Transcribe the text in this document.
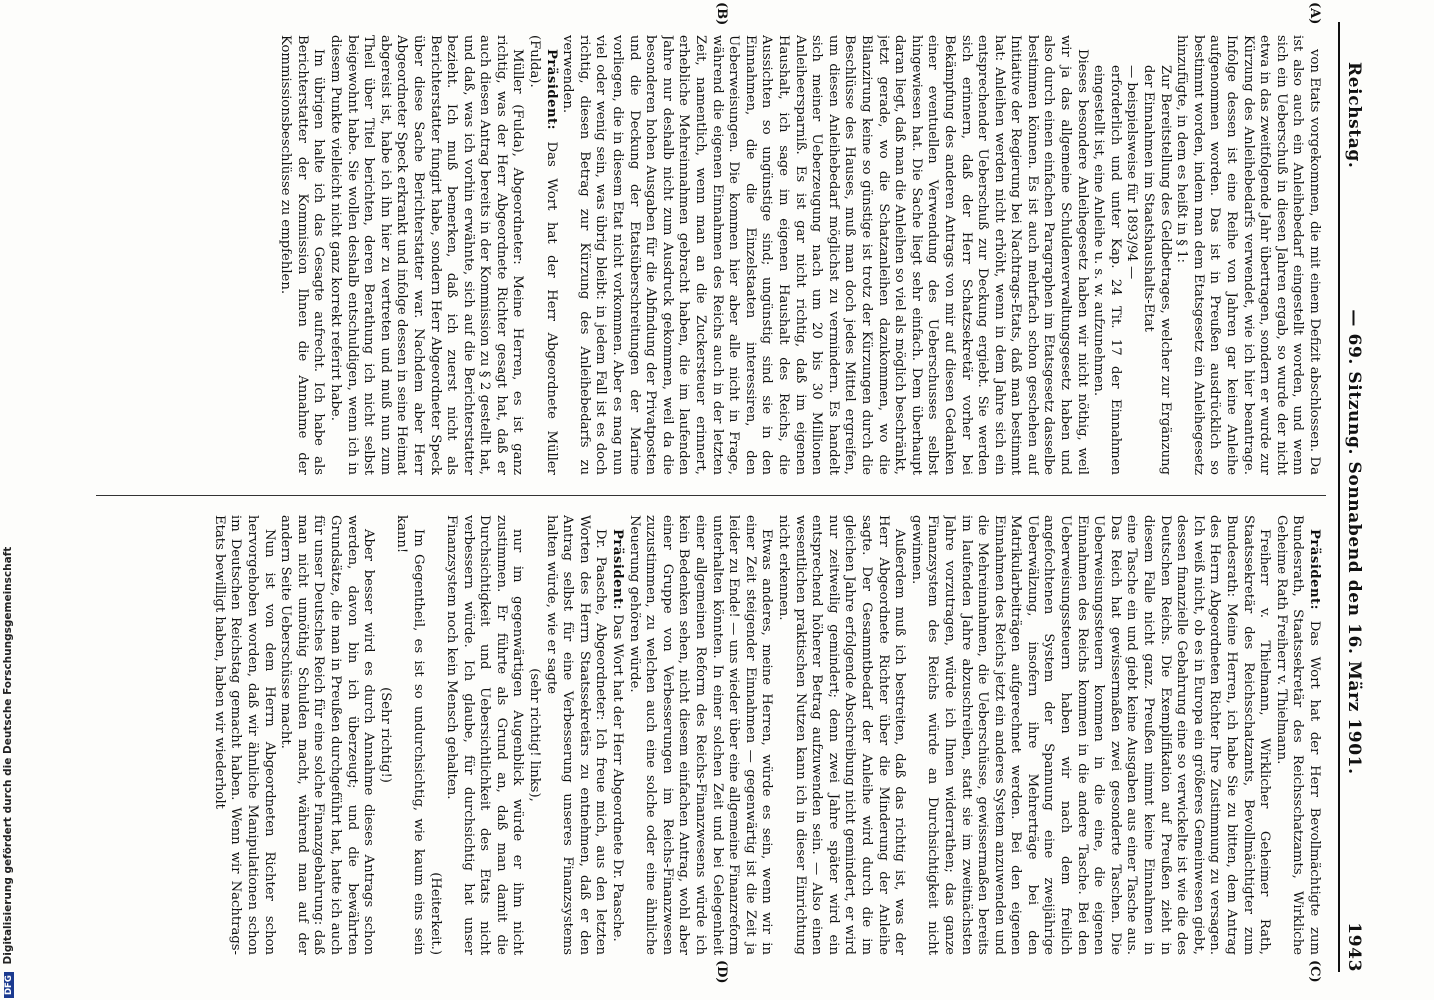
Reichstag.
— 69. Sitzung. Sonnabend den 16. März 1901.
1943
(A)
(B)
(C)
(D)

von Etats vorgekommen, die mit einem Defizit abschlossen. Da ist also auch ein Anleihebedarf eingestellt worden, und wenn sich ein Ueberschuß in diesen Jahren ergab, so wurde der nicht etwa in das zweitfolgende Jahr übertragen, sondern er wurde zur Kürzung des Anleihebedarfs verwendet, wie ich hier beantrage. Infolge dessen ist eine Reihe von Jahren gar keine Anleihe aufgenommen worden. Das ist in Preußen ausdrücklich so bestimmt worden, indem man dem Etatsgesetz ein Anleihegesetz hinzufügte, in dem es heißt in § 1:

Zur Bereitstellung des Geldbetrages, welcher zur Ergänzung der Einnahmen im Staatshaushalts-Etat

— beispielsweise für 1893/94 —

erforderlich und unter Kap. 24 Tit. 17 der Einnahmen eingestellt ist, eine Anleihe u. s. w. aufzunehmen.

Dieses besondere Anleihegesetz haben wir nicht nöthig, weil wir ja das allgemeine Schuldenverwaltungsgesetz haben und also durch einen einfachen Paragraphen im Etatsgesetz dasselbe bestimmen können. Es ist auch mehrfach schon geschehen auf Initiative der Regierung bei Nachtrags-Etats, daß man bestimmt hat: Anleihen werden nicht erhöht, wenn in dem Jahre sich ein entsprechender Ueberschuß zur Deckung ergiebt. Sie werden sich erinnern, daß der Herr Schatzsekretär vorher bei Bekämpfung des anderen Antrags von mir auf diesen Gedanken einer eventuellen Verwendung des Ueberschusses selbst hingewiesen hat. Die Sache liegt sehr einfach. Dem überhaupt daran liegt, daß man die Anleihen so viel als möglich beschränkt, jetzt gerade, wo die Schatzanleihen dazukommen, wo die Bilanzirung keine so günstige ist trotz der Kürzungen durch die Beschlüsse des Hauses, muß man doch jedes Mittel ergreifen, um diesen Anleihebedarf möglichst zu vermindern. Es handelt sich meiner Ueberzeugung nach um 20 bis 30 Millionen Anleiheersparniß. Es ist gar nicht richtig, daß im eigenen Haushalt, ich sage im eigenen Haushalt des Reichs, die Aussichten so ungünstige sind; ungünstig sind sie in den Einnahmen, die die Einzelstaaten interessiren, den Ueberweisungen. Die kommen hier aber alle nicht in Frage, während die eigenen Einnahmen des Reichs auch in der letzten Zeit, namentlich, wenn man an die Zuckersteuer erinnert, erhebliche Mehreinnahmen gebracht haben, die im laufenden Jahre nur deshalb nicht zum Ausdruck gekommen, weil da die besonderen hohen Ausgaben für die Abfindung der Privatposten und die Deckung der Etatsüberschreitungen der Marine vorliegen, die in diesem Etat nicht vorkommen. Aber es mag nun viel oder wenig sein, was übrig bleibt: in jedem Fall ist es doch richtig, diesen Betrag zur Kürzung des Anleihebedarfs zu verwenden.

Präsident: Das Wort hat der Herr Abgeordnete Müller (Fulda).

Müller (Fulda), Abgeordneter: Meine Herren, es ist ganz richtig, was der Herr Abgeordnete Richter gesagt hat, daß er auch diesen Antrag bereits in der Kommission zu § 2 gestellt hat, und daß, was ich vorhin erwähnte, sich auf die Berichterstatter bezieht. Ich muß bemerken, daß ich zuerst nicht als Berichterstatter fungirt habe, sondern Herr Abgeordneter Speck über diese Sache Berichterstatter war. Nachdem aber Herr Abgeordneter Speck erkrankt und infolge dessen in seine Heimat abgereist ist, habe ich ihn hier zu vertreten und muß nun zum Theil über Titel berichten, deren Berathung ich nicht selbst beigewohnt habe. Sie wollen deshalb entschuldigen, wenn ich in diesem Punkte vielleicht nicht ganz korrekt referirt habe.

Im übrigen halte ich das Gesagte aufrecht. Ich habe als Berichterstatter der Kommission Ihnen die Annahme der Kommissionsbeschlüsse zu empfehlen.

Präsident: Das Wort hat der Herr Bevollmächtigte zum Bundesrath, Staatssekretär des Reichsschatzamts, Wirkliche Geheime Rath Freiherr v. Thielmann.

Freiherr v. Thielmann, Wirklicher Geheimer Rath, Staatssekretär des Reichsschatzamts, Bevollmächtigter zum Bundesrath: Meine Herren, ich habe Sie zu bitten, dem Antrag des Herrn Abgeordneten Richter Ihre Zustimmung zu versagen. Ich weiß nicht, ob es in Europa ein größeres Gemeinwesen giebt, dessen finanzielle Gebahrung eine so verwickelte ist wie die des Deutschen Reichs. Die Exemplifikation auf Preußen zieht in diesem Falle nicht ganz. Preußen nimmt keine Einnahmen in eine Tasche ein und giebt keine Ausgaben aus einer Tasche aus. Das Reich hat gewissermaßen zwei gesonderte Taschen. Die Ueberweisungssteuern kommen in die eine, die eigenen Einnahmen des Reichs kommen in die andere Tasche. Bei den Ueberweisungssteuern haben wir nach dem freilich angefochtenen System der Spannung eine zweijährige Ueberwälzung, insofern ihre Mehrerträge bei den Matrikularbeiträgen aufgerechnet werden. Bei den eigenen Einnahmen des Reichs jetzt ein anderes System anzuwenden und die Mehreinnahmen, die Ueberschüsse, gewissermaßen bereits im laufenden Jahre abzuschreiben, statt sie im zweitnächsten Jahre vorzutragen, würde ich Ihnen widerrathen; das ganze Finanzsystem des Reichs würde an Durchsichtigkeit nicht gewinnen.

Außerdem muß ich bestreiten, daß das richtig ist, was der Herr Abgeordnete Richter über die Minderung der Anleihe sagte. Der Gesammtbedarf der Anleihe wird durch die im gleichen Jahre erfolgende Abschreibung nicht gemindert, er wird nur zeitweilig gemindert; denn zwei Jahre später wird ein entsprechend höherer Betrag aufzuwenden sein. — Also einen wesentlichen praktischen Nutzen kann ich in dieser Einrichtung nicht erkennen.

Etwas anderes, meine Herren, würde es sein, wenn wir in einer Zeit steigender Einnahmen — gegenwärtig ist die Zeit ja leider zu Ende! — uns wieder über eine allgemeine Finanzreform unterhalten könnten. In einer solchen Zeit und bei Gelegenheit einer allgemeinen Reform des Reichs-Finanzwesens würde ich kein Bedenken sehen, nicht diesem einfachen Antrag, wohl aber einer Gruppe von Verbesserungen im Reichs-Finanzwesen zuzustimmen, zu welchen auch eine solche oder eine ähnliche Neuerung gehören würde.

Präsident: Das Wort hat der Herr Abgeordnete Dr. Paasche.

Dr. Paasche, Abgeordneter: Ich freue mich, aus den letzten Worten des Herrn Staatssekretärs zu entnehmen, daß er den Antrag selbst für eine Verbesserung unseres Finanzsystems halten würde, wie er sagte

(sehr richtig! links),

nur im gegenwärtigen Augenblick würde er ihm nicht zustimmen. Er führte als Grund an, daß man damit die Durchsichtigkeit und Uebersichtlichkeit des Etats nicht verbessern würde. Ich glaube, für durchsichtig hat unser Finanzsystem noch kein Mensch gehalten.

(Heiterkeit.)

Im Gegentheil, es ist so undurchsichtig, wie kaum eins sein kann!

(Sehr richtig!)

Aber besser wird es durch Annahme dieses Antrags schon werden, davon bin ich überzeugt; und die bewährten Grundsätze, die man in Preußen durchgeführt hat, hatte ich auch für unser Deutsches Reich für eine solche Finanzgebahrung: daß man nicht unnöthig Schulden macht, während man auf der andern Seite Ueberschüsse macht.

Nun ist von dem Herrn Abgeordneten Richter schon hervorgehoben worden, daß wir ähnliche Manipulationen schon im Deutschen Reichstag gemacht haben. Wenn wir Nachtrags-Etats bewilligt haben, haben wir wiederholt

DFG Digitalisierung gefördert durch die Deutsche Forschungsgemeinschaft
